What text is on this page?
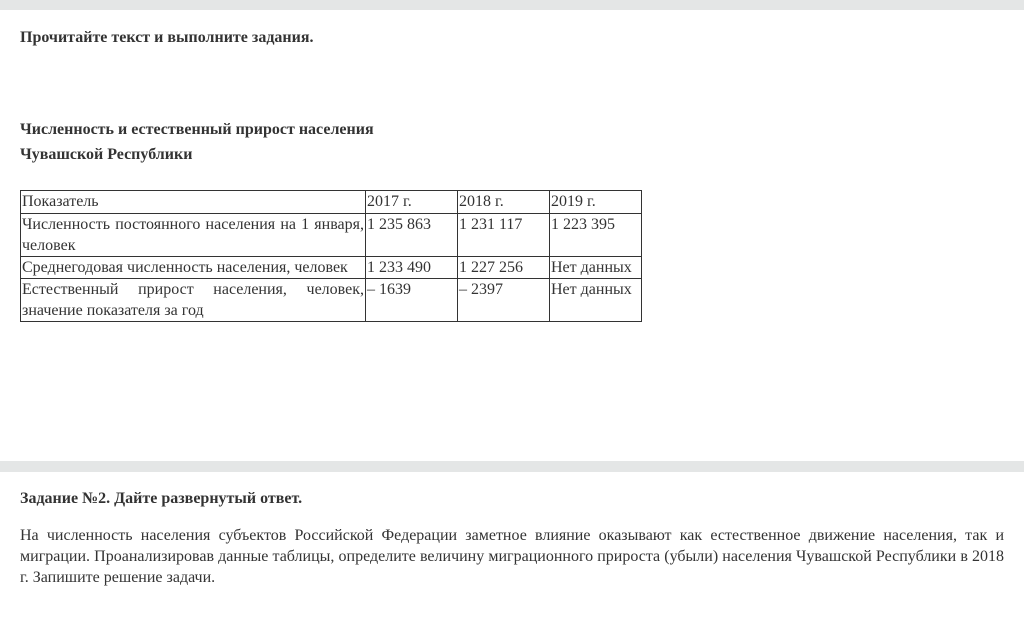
Прочитайте текст и выполните задания.

Численность и естественный прирост населения
Чувашской Республики
Показатель	2017 г.	2018 г.	2019 г.
Численность постоянного населения на 1 января, человек	1 235 863	1 231 117	1 223 395
Среднегодовая численность населения, человек	1 233 490	1 227 256	Нет данных
Естественный прирост населения, человек, значение показателя за год	– 1639	– 2397	Нет данных
Задание №2. Дайте развернутый ответ.

На численность населения субъектов Российской Федерации заметное влияние оказывают как естественное движение населения, так и миграции. Проанализировав данные таблицы, определите величину миграционного прироста (убыли) населения Чувашской Республики в 2018 г. Запишите решение задачи.
